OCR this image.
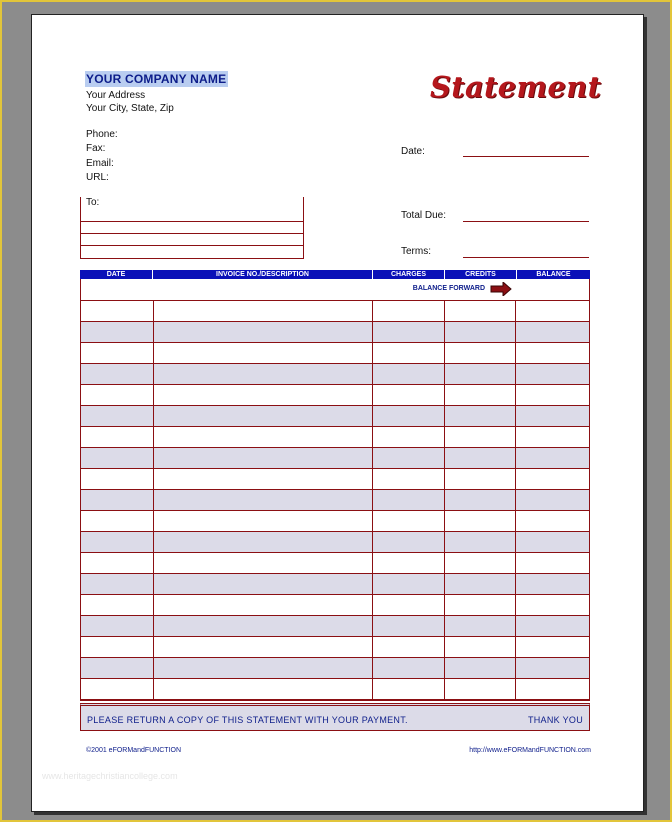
YOUR COMPANY NAME
Your Address
Your City, State, Zip
Phone:
Fax:
Email:
URL:
Statement
Date:
Total Due:
Terms:
To:
DATE	INVOICE NO./DESCRIPTION	CHARGES	CREDITS	BALANCE
BALANCE FORWARD
PLEASE RETURN A COPY OF THIS STATEMENT WITH YOUR PAYMENT.	THANK YOU
©2001 eFORMandFUNCTION	http://www.eFORMandFUNCTION.com
www.heritagechristiancollege.com
